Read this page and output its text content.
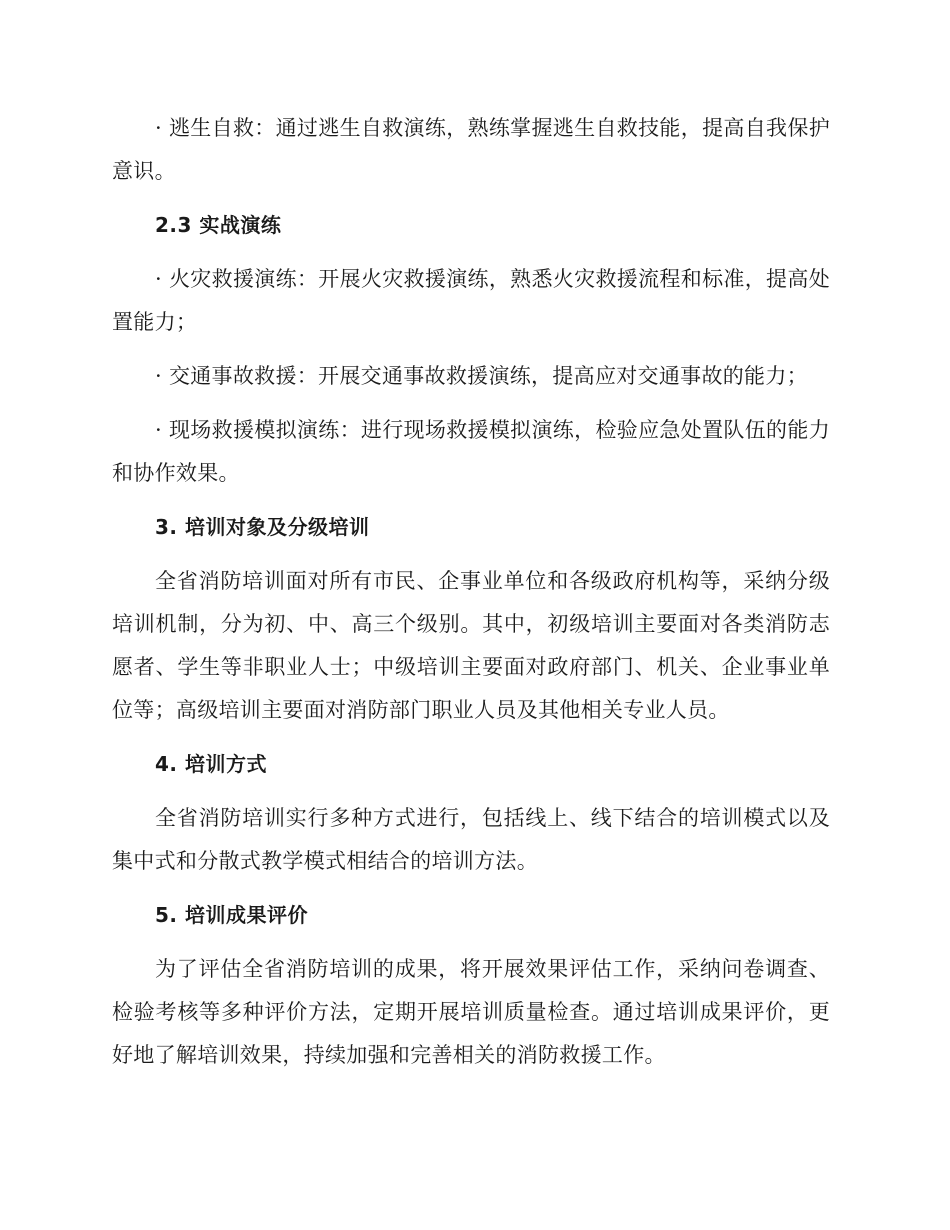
· 逃生自救：通过逃生自救演练，熟练掌握逃生自救技能，提高自我保护意识。

2.3 实战演练

· 火灾救援演练：开展火灾救援演练，熟悉火灾救援流程和标准，提高处置能力；

· 交通事故救援：开展交通事故救援演练，提高应对交通事故的能力；

· 现场救援模拟演练：进行现场救援模拟演练，检验应急处置队伍的能力和协作效果。

3. 培训对象及分级培训

全省消防培训面对所有市民、企事业单位和各级政府机构等，采纳分级培训机制，分为初、中、高三个级别。其中，初级培训主要面对各类消防志愿者、学生等非职业人士；中级培训主要面对政府部门、机关、企业事业单位等；高级培训主要面对消防部门职业人员及其他相关专业人员。

4. 培训方式

全省消防培训实行多种方式进行，包括线上、线下结合的培训模式以及集中式和分散式教学模式相结合的培训方法。

5. 培训成果评价

为了评估全省消防培训的成果，将开展效果评估工作，采纳问卷调查、检验考核等多种评价方法，定期开展培训质量检查。通过培训成果评价，更好地了解培训效果，持续加强和完善相关的消防救援工作。
